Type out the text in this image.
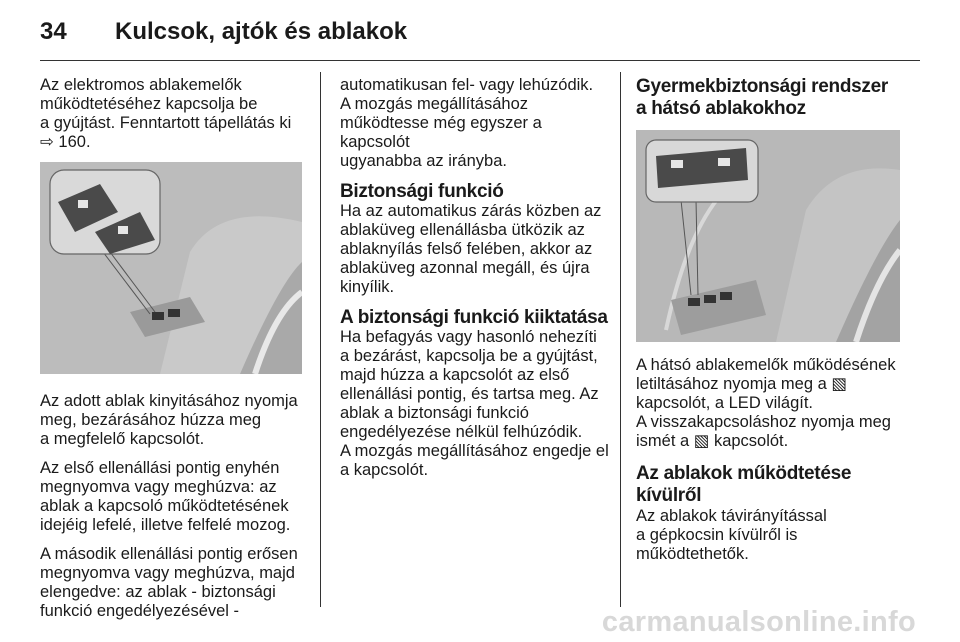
34 Kulcsok, ajtók és ablakok

Az elektromos ablakemelők
működtetéséhez kapcsolja be
a gyújtást. Fenntartott tápellátás ki
⇨ 160.

Az adott ablak kinyitásához nyomja
meg, bezárásához húzza meg
a megfelelő kapcsolót.

Az első ellenállási pontig enyhén
megnyomva vagy meghúzva: az
ablak a kapcsoló működtetésének
idejéig lefelé, illetve felfelé mozog.

A második ellenállási pontig erősen
megnyomva vagy meghúzva, majd
elengedve: az ablak - biztonsági
funkció engedélyezésével -

automatikusan fel- vagy lehúzódik.
A mozgás megállításához
működtesse még egyszer a kapcsolót
ugyanabba az irányba.

Biztonsági funkció

Ha az automatikus zárás közben az
ablaküveg ellenállásba ütközik az
ablaknyílás felső felében, akkor az
ablaküveg azonnal megáll, és újra
kinyílik.

A biztonsági funkció kiiktatása

Ha befagyás vagy hasonló nehezíti
a bezárást, kapcsolja be a gyújtást,
majd húzza a kapcsolót az első
ellenállási pontig, és tartsa meg. Az
ablak a biztonsági funkció
engedélyezése nélkül felhúzódik.
A mozgás megállításához engedje el
a kapcsolót.

Gyermekbiztonsági rendszer
a hátsó ablakokhoz

A hátsó ablakemelők működésének
letiltásához nyomja meg a ▧
kapcsolót, a LED világít.
A visszakapcsoláshoz nyomja meg
ismét a ▧ kapcsolót.

Az ablakok működtetése
kívülről

Az ablakok távirányítással
a gépkocsin kívülről is
működtethetők.

carmanualsonline.info
